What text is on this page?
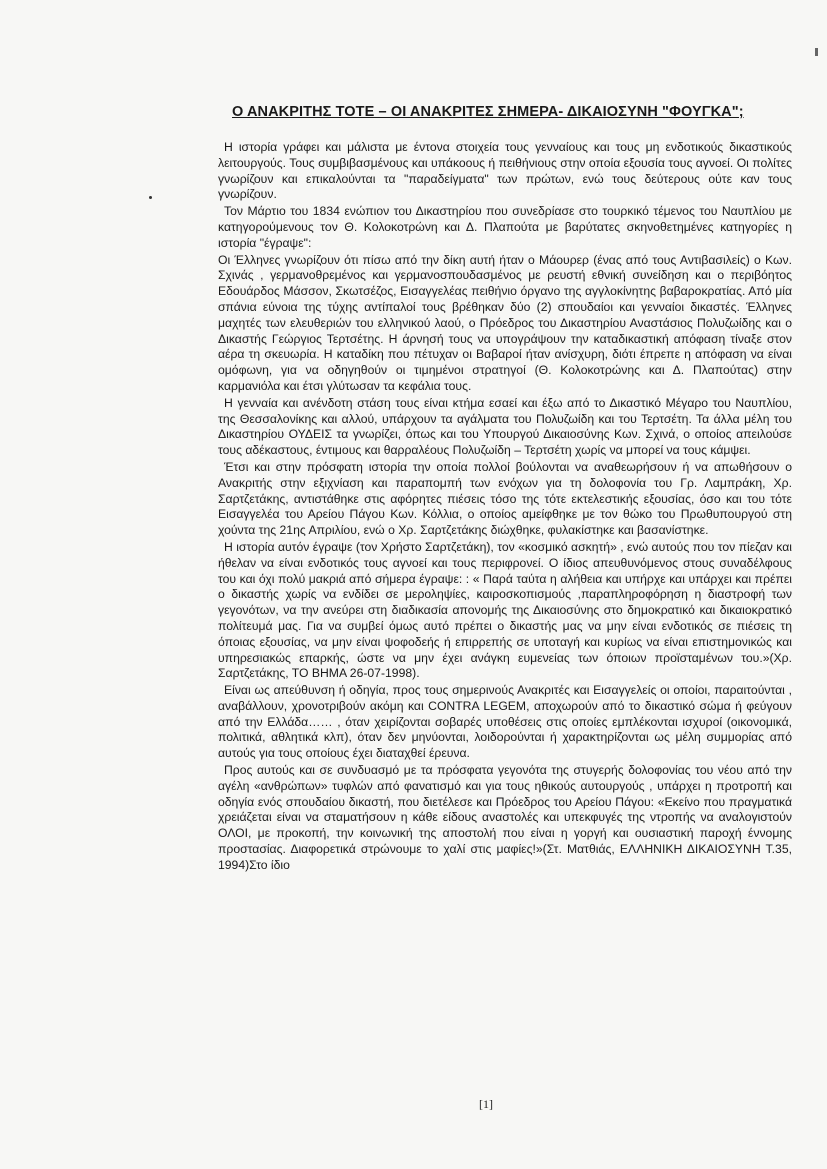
Ο ΑΝΑΚΡΙΤΗΣ ΤΟΤΕ – ΟΙ ΑΝΑΚΡΙΤΕΣ ΣΗΜΕΡΑ- ΔΙΚΑΙΟΣΥΝΗ "ΦΟΥΓΚΑ";

Η ιστορία γράφει και μάλιστα με έντονα στοιχεία τους γενναίους και τους μη ενδοτικούς δικαστικούς λειτουργούς. Τους συμβιβασμένους και υπάκοους ή πειθήνιους στην οποία εξουσία τους αγνοεί. Οι πολίτες γνωρίζουν και επικαλούνται τα "παραδείγματα" των πρώτων, ενώ τους δεύτερους ούτε καν τους γνωρίζουν.

Τον Μάρτιο του 1834 ενώπιον του Δικαστηρίου που συνεδρίασε στο τουρκικό τέμενος του Ναυπλίου με κατηγορούμενους τον Θ. Κολοκοτρώνη και Δ. Πλαπούτα με βαρύτατες σκηνοθετημένες κατηγορίες η ιστορία "έγραψε":

Οι Έλληνες γνωρίζουν ότι πίσω από την δίκη αυτή ήταν ο Μάουρερ (ένας από τους Αντιβασιλείς) ο Κων. Σχινάς , γερμανοθρεμένος και γερμανοσπουδασμένος με ρευστή εθνική συνείδηση και ο περιβόητος Εδουάρδος Μάσσον, Σκωτσέζος, Εισαγγελέας πειθήνιο όργανο της αγγλοκίνητης βαβαροκρατίας. Από μία σπάνια εύνοια της τύχης αντίπαλοί τους βρέθηκαν δύο (2) σπουδαίοι και γενναίοι δικαστές. Έλληνες μαχητές των ελευθεριών του ελληνικού λαού, ο Πρόεδρος του Δικαστηρίου Αναστάσιος Πολυζωίδης και ο Δικαστής Γεώργιος Τερτσέτης. Η άρνησή τους να υπογράψουν την καταδικαστική απόφαση τίναξε στον αέρα τη σκευωρία. Η καταδίκη που πέτυχαν οι Βαβαροί ήταν ανίσχυρη, διότι έπρεπε η απόφαση να είναι ομόφωνη, για να οδηγηθούν οι τιμημένοι στρατηγοί (Θ. Κολοκοτρώνης και Δ. Πλαπούτας) στην καρμανιόλα και έτσι γλύτωσαν τα κεφάλια τους.

Η γενναία και ανένδοτη στάση τους είναι κτήμα εσαεί και έξω από το Δικαστικό Μέγαρο του Ναυπλίου, της Θεσσαλονίκης και αλλού, υπάρχουν τα αγάλματα του Πολυζωίδη και του Τερτσέτη. Τα άλλα μέλη του Δικαστηρίου ΟΥΔΕΙΣ τα γνωρίζει, όπως και του Υπουργού Δικαιοσύνης Κων. Σχινά, ο οποίος απειλούσε τους αδέκαστους, έντιμους και θαρραλέους Πολυζωίδη – Τερτσέτη χωρίς να μπορεί να τους κάμψει.

Έτσι και στην πρόσφατη ιστορία την οποία πολλοί βούλονται να αναθεωρήσουν ή να απωθήσουν ο Ανακριτής στην εξιχνίαση και παραπομπή των ενόχων για τη δολοφονία του Γρ. Λαμπράκη, Χρ. Σαρτζετάκης, αντιστάθηκε στις αφόρητες πιέσεις τόσο της τότε εκτελεστικής εξουσίας, όσο και του τότε Εισαγγελέα του Αρείου Πάγου Κων. Κόλλια, ο οποίος αμείφθηκε με τον θώκο του Πρωθυπουργού στη χούντα της 21ης Απριλίου, ενώ ο Χρ. Σαρτζετάκης διώχθηκε, φυλακίστηκε και βασανίστηκε.

Η ιστορία αυτόν έγραψε (τον Χρήστο Σαρτζετάκη), τον «κοσμικό ασκητή» , ενώ αυτούς που τον πίεζαν και ήθελαν να είναι ενδοτικός τους αγνοεί και τους περιφρονεί. Ο ίδιος απευθυνόμενος στους συναδέλφους του και όχι πολύ μακριά από σήμερα έγραψε: : « Παρά ταύτα η αλήθεια και υπήρχε και υπάρχει και πρέπει ο δικαστής χωρίς να ενδίδει σε μεροληψίες, καιροσκοπισμούς ,παραπληροφόρηση η διαστροφή των γεγονότων, να την ανεύρει στη διαδικασία απονομής της Δικαιοσύνης στο δημοκρατικό και δικαιοκρατικό πολίτευμά μας. Για να συμβεί όμως αυτό πρέπει ο δικαστής μας να μην είναι ενδοτικός σε πιέσεις τη όποιας εξουσίας, να μην είναι ψοφοδεής ή επιρρεπής σε υποταγή και κυρίως να είναι επιστημονικώς και υπηρεσιακώς επαρκής, ώστε να μην έχει ανάγκη ευμενείας των όποιων προϊσταμένων του.»(Χρ. Σαρτζετάκης, ΤΟ ΒΗΜΑ 26-07-1998).

Είναι ως απεύθυνση ή οδηγία, προς τους σημερινούς Ανακριτές και Εισαγγελείς οι οποίοι, παραιτούνται , αναβάλλουν, χρονοτριβούν ακόμη και CONTRA LEGEM, αποχωρούν από το δικαστικό σώμα ή φεύγουν από την Ελλάδα…… , όταν χειρίζονται σοβαρές υποθέσεις στις οποίες εμπλέκονται ισχυροί (οικονομικά, πολιτικά, αθλητικά κλπ), όταν δεν μηνύονται, λοιδορούνται ή χαρακτηρίζονται ως μέλη συμμορίας από αυτούς για τους οποίους έχει διαταχθεί έρευνα.

Προς αυτούς και σε συνδυασμό με τα πρόσφατα γεγονότα της στυγερής δολοφονίας του νέου από την αγέλη «ανθρώπων» τυφλών από φανατισμό και για τους ηθικούς αυτουργούς , υπάρχει η προτροπή και οδηγία ενός σπουδαίου δικαστή, που διετέλεσε και Πρόεδρος του Αρείου Πάγου: «Εκείνο που πραγματικά χρειάζεται είναι να σταματήσουν η κάθε είδους αναστολές και υπεκφυγές της ντροπής να αναλογιστούν ΟΛΟΙ, με προκοπή, την κοινωνική της αποστολή που είναι η γοργή και ουσιαστική παροχή έννομης προστασίας. Διαφορετικά στρώνουμε το χαλί στις μαφίες!»(Στ. Ματθιάς, ΕΛΛΗΝΙΚΗ ΔΙΚΑΙΟΣΥΝΗ Τ.35, 1994)Στο ίδιο

[1]
